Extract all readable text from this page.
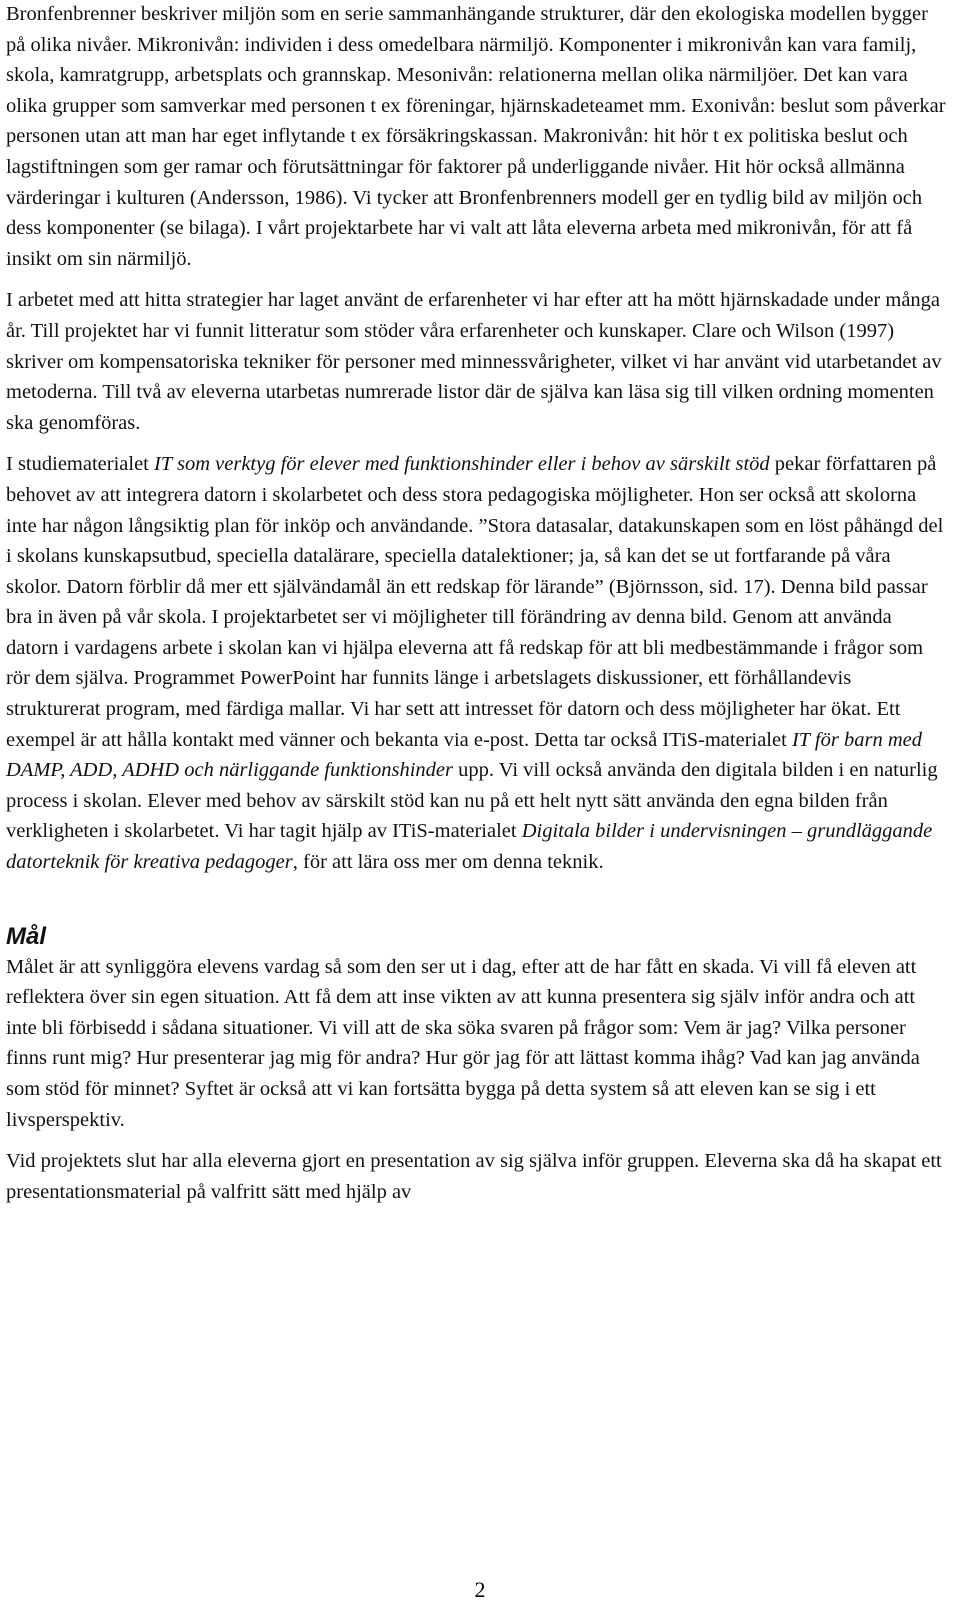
Bronfenbrenner beskriver miljön som en serie sammanhängande strukturer, där den ekologiska modellen bygger på olika nivåer. Mikronivån: individen i dess omedelbara närmiljö. Komponenter i mikronivån kan vara familj, skola, kamratgrupp, arbetsplats och grannskap. Mesonivån: relationerna mellan olika närmiljöer. Det kan vara olika grupper som samverkar med personen t ex föreningar, hjärnskadeteamet mm. Exonivån: beslut som påverkar personen utan att man har eget inflytande t ex försäkringskassan. Makronivån: hit hör t ex politiska beslut och lagstiftningen som ger ramar och förutsättningar för faktorer på underliggande nivåer. Hit hör också allmänna värderingar i kulturen (Andersson, 1986). Vi tycker att Bronfenbrenners modell ger en tydlig bild av miljön och dess komponenter (se bilaga). I vårt projektarbete har vi valt att låta eleverna arbeta med mikronivån, för att få insikt om sin närmiljö.

I arbetet med att hitta strategier har laget använt de erfarenheter vi har efter att ha mött hjärnskadade under många år. Till projektet har vi funnit litteratur som stöder våra erfarenheter och kunskaper. Clare och Wilson (1997) skriver om kompensatoriska tekniker för personer med minnessvårigheter, vilket vi har använt vid utarbetandet av metoderna. Till två av eleverna utarbetas numrerade listor där de själva kan läsa sig till vilken ordning momenten ska genomföras.

I studiematerialet IT som verktyg för elever med funktionshinder eller i behov av särskilt stöd pekar författaren på behovet av att integrera datorn i skolarbetet och dess stora pedagogiska möjligheter. Hon ser också att skolorna inte har någon långsiktig plan för inköp och användande. ”Stora datasalar, datakunskapen som en löst påhängd del i skolans kunskapsutbud, speciella datalärare, speciella datalektioner; ja, så kan det se ut fortfarande på våra skolor. Datorn förblir då mer ett självändamål än ett redskap för lärande” (Björnsson, sid. 17). Denna bild passar bra in även på vår skola. I projektarbetet ser vi möjligheter till förändring av denna bild. Genom att använda datorn i vardagens arbete i skolan kan vi hjälpa eleverna att få redskap för att bli medbestämmande i frågor som rör dem själva. Programmet PowerPoint har funnits länge i arbetslagets diskussioner, ett förhållandevis strukturerat program, med färdiga mallar. Vi har sett att intresset för datorn och dess möjligheter har ökat. Ett exempel är att hålla kontakt med vänner och bekanta via e-post. Detta tar också ITiS-materialet IT för barn med DAMP, ADD, ADHD och närliggande funktionshinder upp. Vi vill också använda den digitala bilden i en naturlig process i skolan. Elever med behov av särskilt stöd kan nu på ett helt nytt sätt använda den egna bilden från verkligheten i skolarbetet. Vi har tagit hjälp av ITiS-materialet Digitala bilder i undervisningen – grundläggande datorteknik för kreativa pedagoger, för att lära oss mer om denna teknik.

Mål

Målet är att synliggöra elevens vardag så som den ser ut i dag, efter att de har fått en skada. Vi vill få eleven att reflektera över sin egen situation. Att få dem att inse vikten av att kunna presentera sig själv inför andra och att inte bli förbisedd i sådana situationer. Vi vill att de ska söka svaren på frågor som: Vem är jag? Vilka personer finns runt mig? Hur presenterar jag mig för andra? Hur gör jag för att lättast komma ihåg? Vad kan jag använda som stöd för minnet? Syftet är också att vi kan fortsätta bygga på detta system så att eleven kan se sig i ett livsperspektiv.

Vid projektets slut har alla eleverna gjort en presentation av sig själva inför gruppen. Eleverna ska då ha skapat ett presentationsmaterial på valfritt sätt med hjälp av

2
